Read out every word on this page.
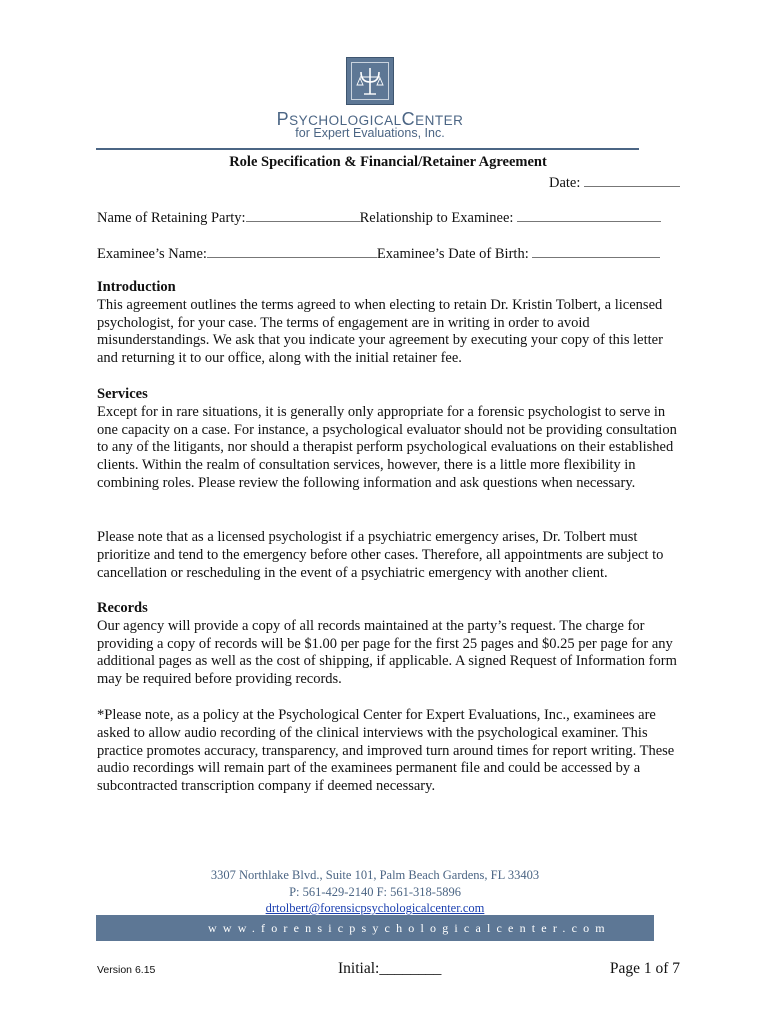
PSYCHOLOGICALCENTER
for Expert Evaluations, Inc.
Role Specification & Financial/Retainer Agreement
Date:
Name of Retaining Party:	Relationship to Examinee:
Examinee’s Name:	Examinee’s Date of Birth:
Introduction

This agreement outlines the terms agreed to when electing to retain Dr. Kristin Tolbert, a licensed psychologist, for your case. The terms of engagement are in writing in order to avoid misunderstandings. We ask that you indicate your agreement by executing your copy of this letter and returning it to our office, along with the initial retainer fee.

Services

Except for in rare situations, it is generally only appropriate for a forensic psychologist to serve in one capacity on a case. For instance, a psychological evaluator should not be providing consultation to any of the litigants, nor should a therapist perform psychological evaluations on their established clients. Within the realm of consultation services, however, there is a little more flexibility in combining roles. Please review the following information and ask questions when necessary.

Please note that as a licensed psychologist if a psychiatric emergency arises, Dr. Tolbert must prioritize and tend to the emergency before other cases. Therefore, all appointments are subject to cancellation or rescheduling in the event of a psychiatric emergency with another client.

Records

Our agency will provide a copy of all records maintained at the party’s request. The charge for providing a copy of records will be $1.00 per page for the first 25 pages and $0.25 per page for any additional pages as well as the cost of shipping, if applicable. A signed Request of Information form may be required before providing records.

*Please note, as a policy at the Psychological Center for Expert Evaluations, Inc., examinees are asked to allow audio recording of the clinical interviews with the psychological examiner. This practice promotes accuracy, transparency, and improved turn around times for report writing. These audio recordings will remain part of the examinees permanent file and could be accessed by a subcontracted transcription company if deemed necessary.

3307 Northlake Blvd., Suite 101, Palm Beach Gardens, FL 33403
P: 561-429-2140 F: 561-318-5896
drtolbert@forensicpsychologicalcenter.com
www.forensicpsychologicalcenter.com
Version 6.15	Initial:________	Page 1 of 7
